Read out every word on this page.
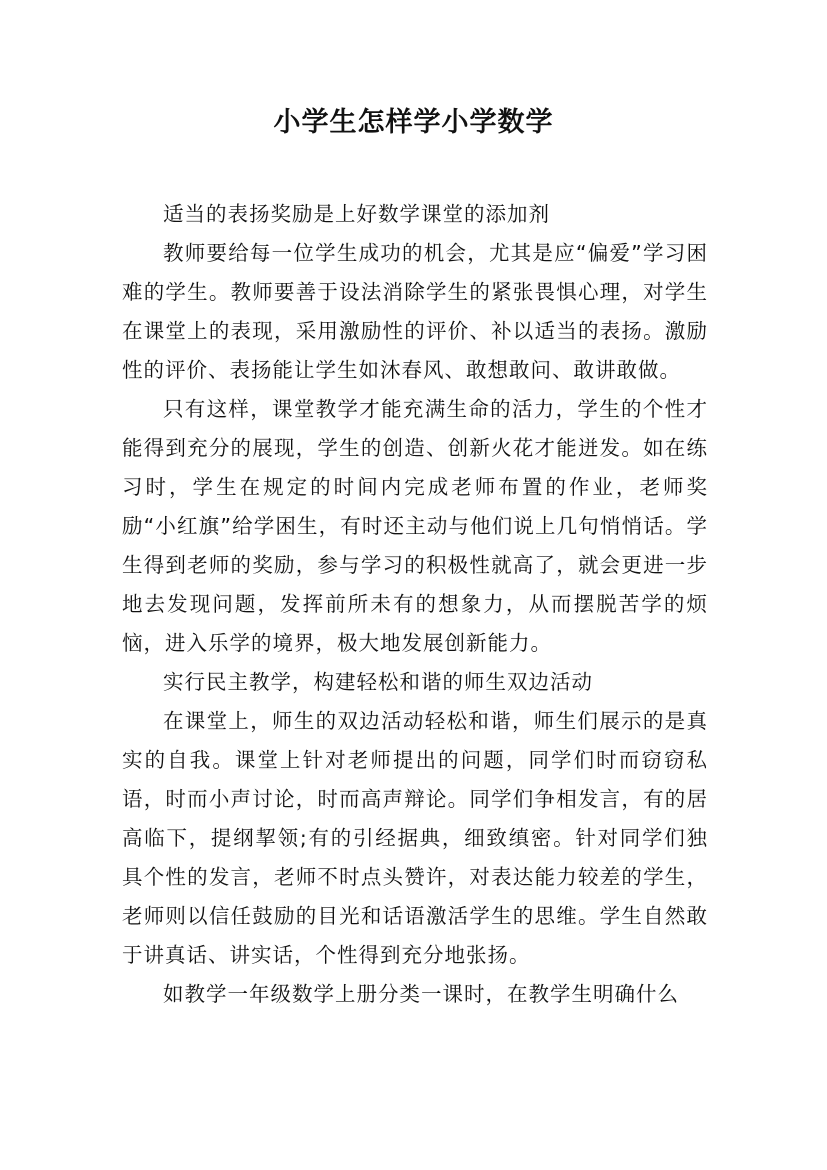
小学生怎样学小学数学

适当的表扬奖励是上好数学课堂的添加剂

教师要给每一位学生成功的机会，尤其是应“偏爱”学习困难的学生。教师要善于设法消除学生的紧张畏惧心理，对学生在课堂上的表现，采用激励性的评价、补以适当的表扬。激励性的评价、表扬能让学生如沐春风、敢想敢问、敢讲敢做。

只有这样，课堂教学才能充满生命的活力，学生的个性才能得到充分的展现，学生的创造、创新火花才能迸发。如在练习时，学生在规定的时间内完成老师布置的作业，老师奖励“小红旗”给学困生，有时还主动与他们说上几句悄悄话。学生得到老师的奖励，参与学习的积极性就高了，就会更进一步地去发现问题，发挥前所未有的想象力，从而摆脱苦学的烦恼，进入乐学的境界，极大地发展创新能力。

实行民主教学，构建轻松和谐的师生双边活动

在课堂上，师生的双边活动轻松和谐，师生们展示的是真实的自我。课堂上针对老师提出的问题，同学们时而窃窃私语，时而小声讨论，时而高声辩论。同学们争相发言，有的居高临下，提纲挈领;有的引经据典，细致缜密。针对同学们独具个性的发言，老师不时点头赞许，对表达能力较差的学生，老师则以信任鼓励的目光和话语激活学生的思维。学生自然敢于讲真话、讲实话，个性得到充分地张扬。

如教学一年级数学上册分类一课时，在教学生明确什么
